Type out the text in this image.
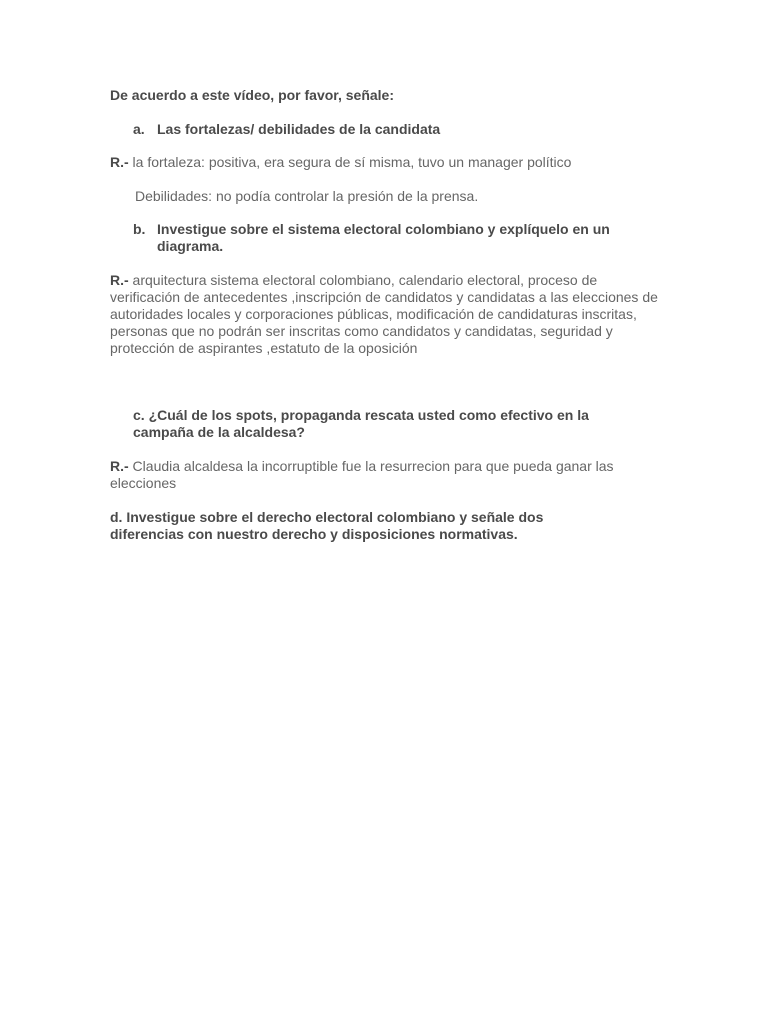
De acuerdo a este vídeo, por favor, señale:
a. Las fortalezas/ debilidades de la candidata
R.- la fortaleza: positiva, era segura de sí misma, tuvo un manager político
Debilidades: no podía controlar la presión de la prensa.
b. Investigue sobre el sistema electoral colombiano y explíquelo en un diagrama.
R.- arquitectura sistema electoral colombiano, calendario electoral, proceso de verificación de antecedentes ,inscripción de candidatos y candidatas a las elecciones de autoridades locales y corporaciones públicas, modificación de candidaturas inscritas, personas que no podrán ser inscritas como candidatos y candidatas, seguridad y protección de aspirantes ,estatuto de la oposición
c. ¿Cuál de los spots, propaganda rescata usted como efectivo en la campaña de la alcaldesa?
R.- Claudia alcaldesa la incorruptible fue la resurrecion para que pueda ganar las elecciones
d. Investigue sobre el derecho electoral colombiano y señale dos diferencias con nuestro derecho y disposiciones normativas.
